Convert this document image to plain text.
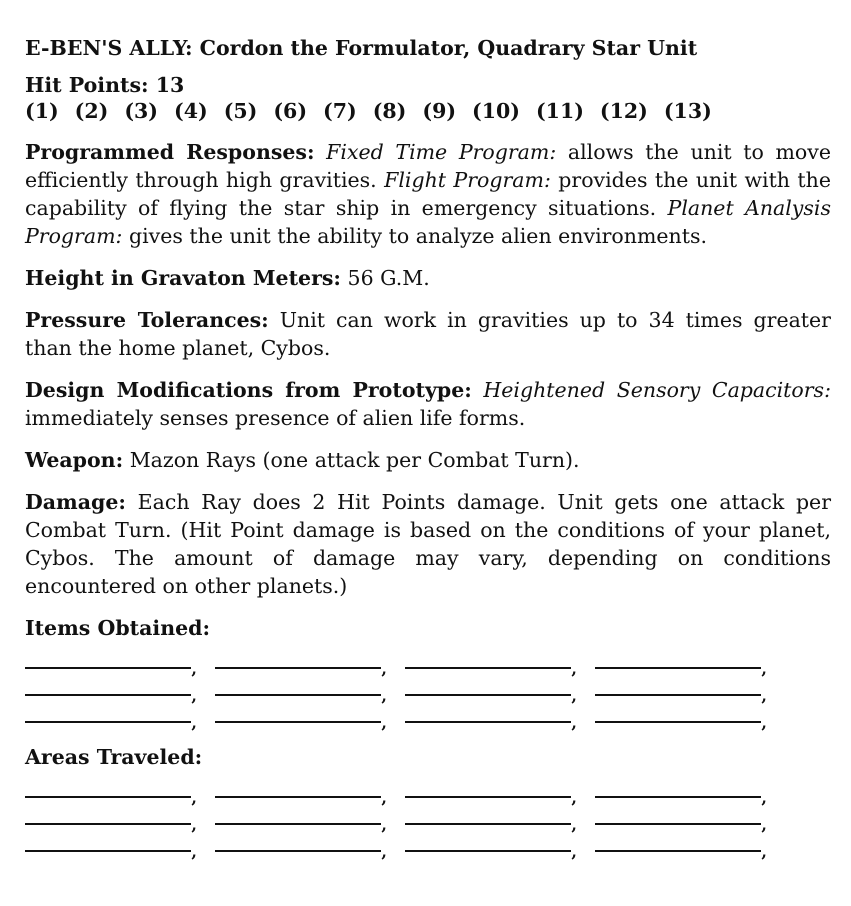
E-BEN'S ALLY: Cordon the Formulator, Quadrary Star Unit
Hit Points: 13
(1) (2) (3) (4) (5) (6) (7) (8) (9) (10) (11) (12) (13)

Programmed Responses: Fixed Time Program: allows the unit to move efficiently through high gravities. Flight Program: provides the unit with the capability of flying the star ship in emergency situations. Planet Analysis Program: gives the unit the ability to analyze alien environments.

Height in Gravaton Meters: 56 G.M.

Pressure Tolerances: Unit can work in gravities up to 34 times greater than the home planet, Cybos.

Design Modifications from Prototype: Heightened Sensory Capacitors: immediately senses presence of alien life forms.

Weapon: Mazon Rays (one attack per Combat Turn).

Damage: Each Ray does 2 Hit Points damage. Unit gets one attack per Combat Turn. (Hit Point damage is based on the conditions of your planet, Cybos. The amount of damage may vary, depending on conditions encountered on other planets.)

Items Obtained:
,	,	,	,
,	,	,	,
,	,	,	,
Areas Traveled:
,	,	,	,
,	,	,	,
,	,	,	,
